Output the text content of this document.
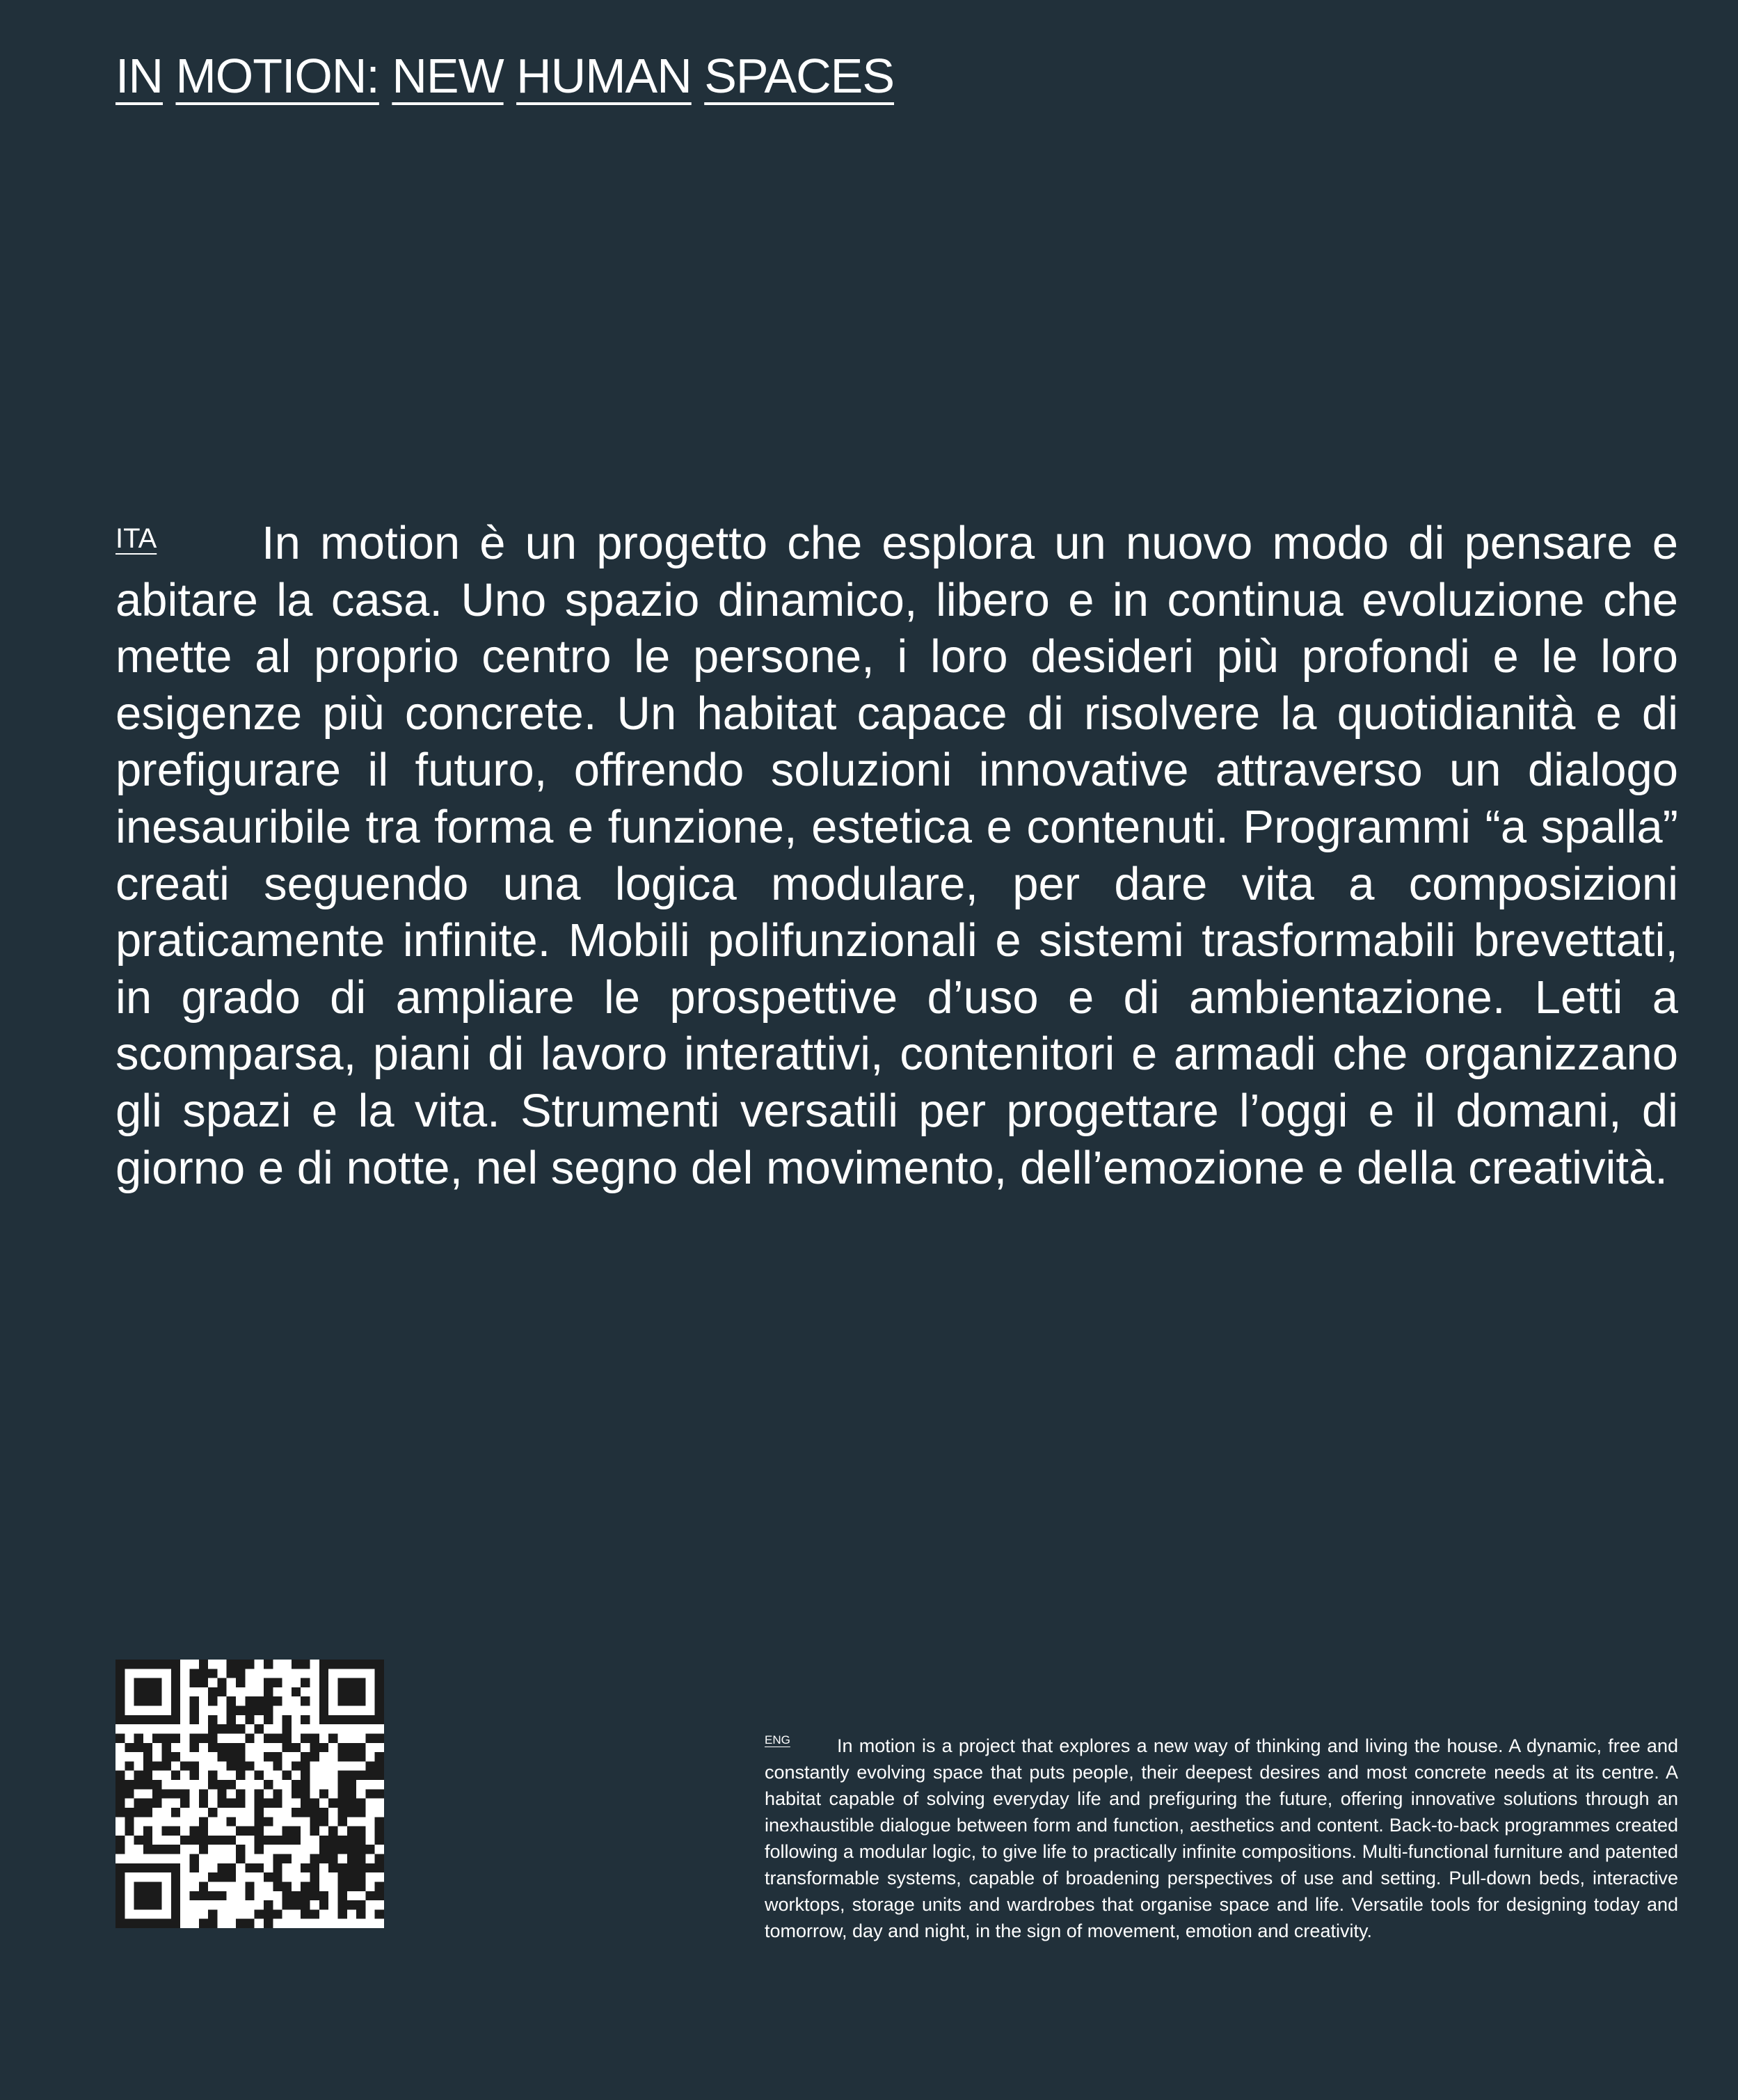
IN MOTION: NEW HUMAN SPACES

ITA In motion è un progetto che esplora un nuovo modo di pensare e abitare la casa. Uno spazio dinamico, libero e in continua evoluzione che mette al proprio centro le persone, i loro desideri più profondi e le loro esigenze più concrete. Un habitat capace di risolvere la quotidianità e di prefigurare il futuro, offrendo soluzioni innovative attraverso un dialogo inesauribile tra forma e funzione, estetica e contenuti. Programmi “a spalla” creati seguendo una logica modulare, per dare vita a composizioni praticamente infinite. Mobili polifunzionali e sistemi trasformabili brevettati, in grado di ampliare le prospettive d’uso e di ambientazione. Letti a scomparsa, piani di lavoro interattivi, contenitori e armadi che organizzano gli spazi e la vita. Strumenti versatili per progettare l’oggi e il domani, di giorno e di notte, nel segno del movimento, dell’emozione e della creatività.

ENG In motion is a project that explores a new way of thinking and living the house. A dynamic, free and constantly evolving space that puts people, their deepest desires and most concrete needs at its centre. A habitat capable of solving everyday life and prefiguring the future, offering innovative solutions through an inexhaustible dialogue between form and function, aesthetics and content. Back-to-back programmes created following a modular logic, to give life to practically infinite compositions. Multi-functional furniture and patented transformable systems, capable of broadening perspectives of use and setting. Pull-down beds, interactive worktops, storage units and wardrobes that organise space and life. Versatile tools for designing today and tomorrow, day and night, in the sign of movement, emotion and creativity.
